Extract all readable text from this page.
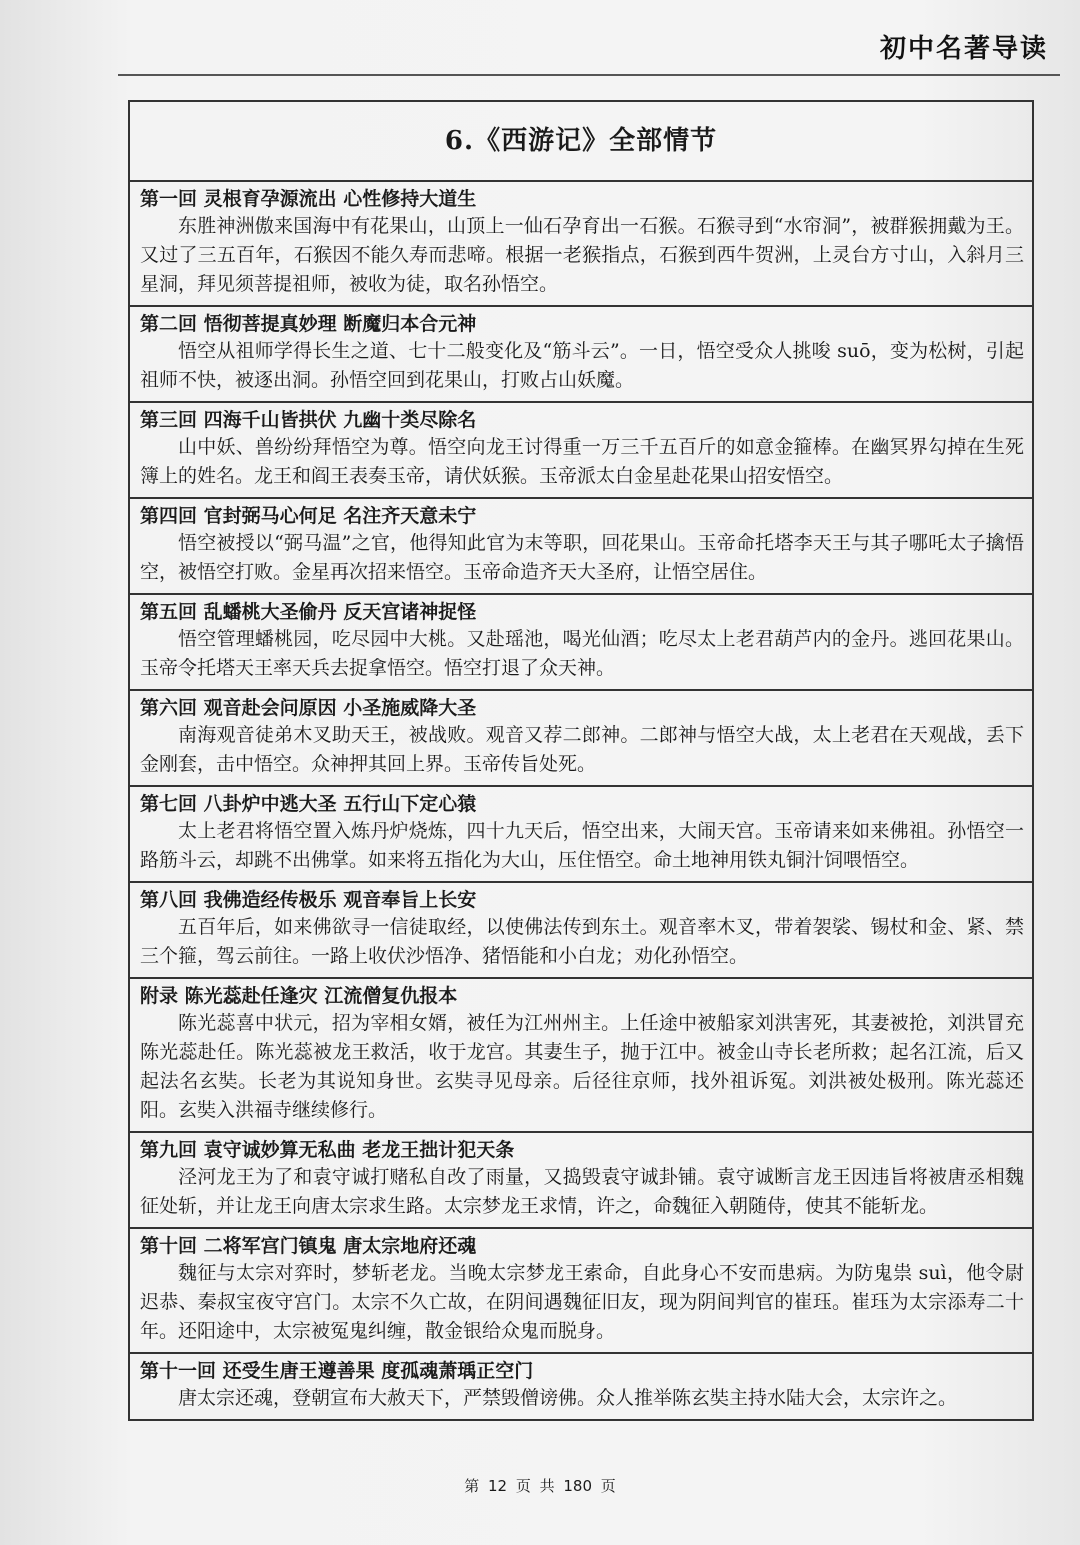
初中名著导读
6.《西游记》全部情节
第一回 灵根育孕源流出 心性修持大道生
东胜神洲傲来国海中有花果山，山顶上一仙石孕育出一石猴。石猴寻到“水帘洞”，被群猴拥戴为王。又过了三五百年，石猴因不能久寿而悲啼。根据一老猴指点，石猴到西牛贺洲，上灵台方寸山，入斜月三星洞，拜见须菩提祖师，被收为徒，取名孙悟空。
第二回 悟彻菩提真妙理 断魔归本合元神
悟空从祖师学得长生之道、七十二般变化及“筋斗云”。一日，悟空受众人挑唆 suō，变为松树，引起祖师不快，被逐出洞。孙悟空回到花果山，打败占山妖魔。
第三回 四海千山皆拱伏 九幽十类尽除名
山中妖、兽纷纷拜悟空为尊。悟空向龙王讨得重一万三千五百斤的如意金箍棒。在幽冥界勾掉在生死簿上的姓名。龙王和阎王表奏玉帝，请伏妖猴。玉帝派太白金星赴花果山招安悟空。
第四回 官封弼马心何足 名注齐天意未宁
悟空被授以“弼马温”之官，他得知此官为末等职，回花果山。玉帝命托塔李天王与其子哪吒太子擒悟空，被悟空打败。金星再次招来悟空。玉帝命造齐天大圣府，让悟空居住。
第五回 乱蟠桃大圣偷丹 反天宫诸神捉怪
悟空管理蟠桃园，吃尽园中大桃。又赴瑶池，喝光仙酒；吃尽太上老君葫芦内的金丹。逃回花果山。玉帝令托塔天王率天兵去捉拿悟空。悟空打退了众天神。
第六回 观音赴会问原因 小圣施威降大圣
南海观音徒弟木叉助天王，被战败。观音又荐二郎神。二郎神与悟空大战，太上老君在天观战，丢下金刚套，击中悟空。众神押其回上界。玉帝传旨处死。
第七回 八卦炉中逃大圣 五行山下定心猿
太上老君将悟空置入炼丹炉烧炼，四十九天后，悟空出来，大闹天宫。玉帝请来如来佛祖。孙悟空一路筋斗云，却跳不出佛掌。如来将五指化为大山，压住悟空。命土地神用铁丸铜汁饲喂悟空。
第八回 我佛造经传极乐 观音奉旨上长安
五百年后，如来佛欲寻一信徒取经，以使佛法传到东土。观音率木叉，带着袈裟、锡杖和金、紧、禁三个箍，驾云前往。一路上收伏沙悟净、猪悟能和小白龙；劝化孙悟空。
附录 陈光蕊赴任逢灾 江流僧复仇报本
陈光蕊喜中状元，招为宰相女婿，被任为江州州主。上任途中被船家刘洪害死，其妻被抢，刘洪冒充陈光蕊赴任。陈光蕊被龙王救活，收于龙宫。其妻生子，抛于江中。被金山寺长老所救；起名江流，后又起法名玄奘。长老为其说知身世。玄奘寻见母亲。后径往京师，找外祖诉冤。刘洪被处极刑。陈光蕊还阳。玄奘入洪福寺继续修行。
第九回 袁守诚妙算无私曲 老龙王拙计犯天条
泾河龙王为了和袁守诚打赌私自改了雨量，又捣毁袁守诚卦铺。袁守诚断言龙王因违旨将被唐丞相魏征处斩，并让龙王向唐太宗求生路。太宗梦龙王求情，许之，命魏征入朝随侍，使其不能斩龙。
第十回 二将军宫门镇鬼 唐太宗地府还魂
魏征与太宗对弈时，梦斩老龙。当晚太宗梦龙王索命，自此身心不安而患病。为防鬼祟 suì，他令尉迟恭、秦叔宝夜守宫门。太宗不久亡故，在阴间遇魏征旧友，现为阴间判官的崔珏。崔珏为太宗添寿二十年。还阳途中，太宗被冤鬼纠缠，散金银给众鬼而脱身。
第十一回 还受生唐王遵善果 度孤魂萧瑀正空门
唐太宗还魂，登朝宣布大赦天下，严禁毁僧谤佛。众人推举陈玄奘主持水陆大会，太宗许之。
第 12 页 共 180 页
